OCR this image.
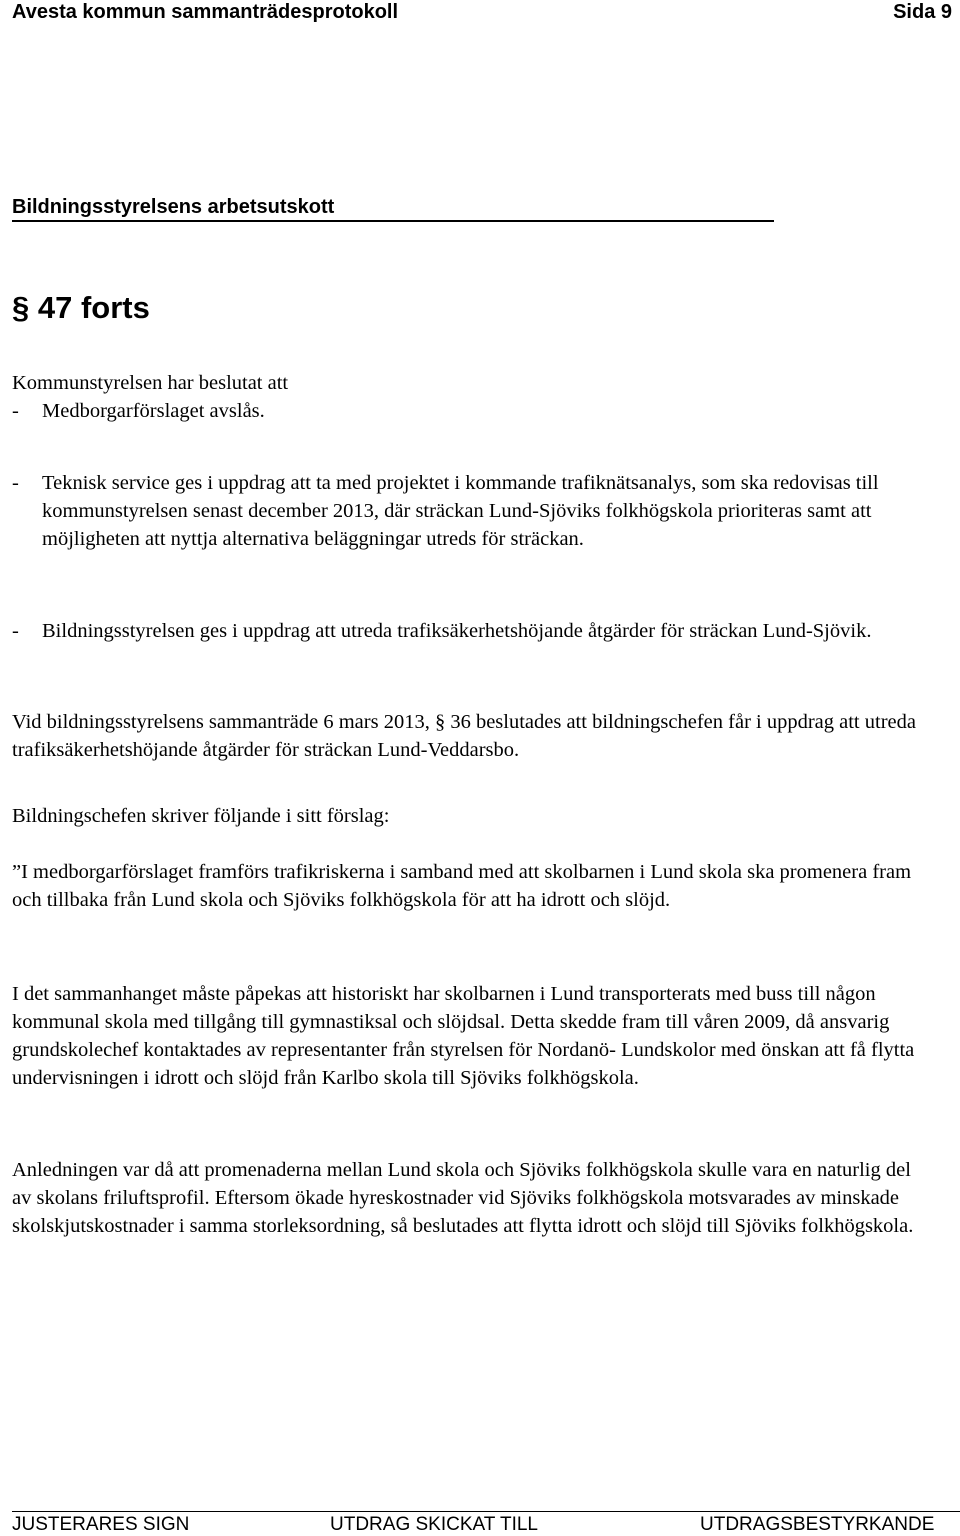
Avesta kommun sammanträdesprotokoll	Sida 9
Bildningsstyrelsens arbetsutskott
§ 47 forts
Kommunstyrelsen har beslutat att
-	Medborgarförslaget avslås.
-	Teknisk service ges i uppdrag att ta med projektet i kommande trafiknätsanalys, som ska redovisas till kommunstyrelsen senast december 2013, där sträckan Lund-Sjöviks folkhögskola prioriteras samt att möjligheten att nyttja alternativa beläggningar utreds för sträckan.
-	Bildningsstyrelsen ges i uppdrag att utreda trafiksäkerhetshöjande åtgärder för sträckan Lund-Sjövik.
Vid bildningsstyrelsens sammanträde 6 mars 2013, § 36 beslutades att bildningschefen får i uppdrag att utreda trafiksäkerhetshöjande åtgärder för sträckan Lund-Veddarsbo.
Bildningschefen skriver följande i sitt förslag:
”I medborgarförslaget framförs trafikriskerna i samband med att skolbarnen i Lund skola ska promenera fram och tillbaka från Lund skola och Sjöviks folkhögskola för att ha idrott och slöjd.
I det sammanhanget måste påpekas att historiskt har skolbarnen i Lund transporterats med buss till någon kommunal skola med tillgång till gymnastiksal och slöjdsal. Detta skedde fram till våren 2009, då ansvarig grundskolechef kontaktades av representanter från styrelsen för Nordanö- Lundskolor med önskan att få flytta undervisningen i idrott och slöjd från Karlbo skola till Sjöviks folkhögskola.
Anledningen var då att promenaderna mellan Lund skola och Sjöviks folkhögskola skulle vara en naturlig del av skolans friluftsprofil. Eftersom ökade hyreskostnader vid Sjöviks folkhögskola motsvarades av minskade skolskjutskostnader i samma storleksordning, så beslutades att flytta idrott och slöjd till Sjöviks folkhögskola.
JUSTERARES SIGN	UTDRAG SKICKAT TILL	UTDRAGSBESTYRKANDE
